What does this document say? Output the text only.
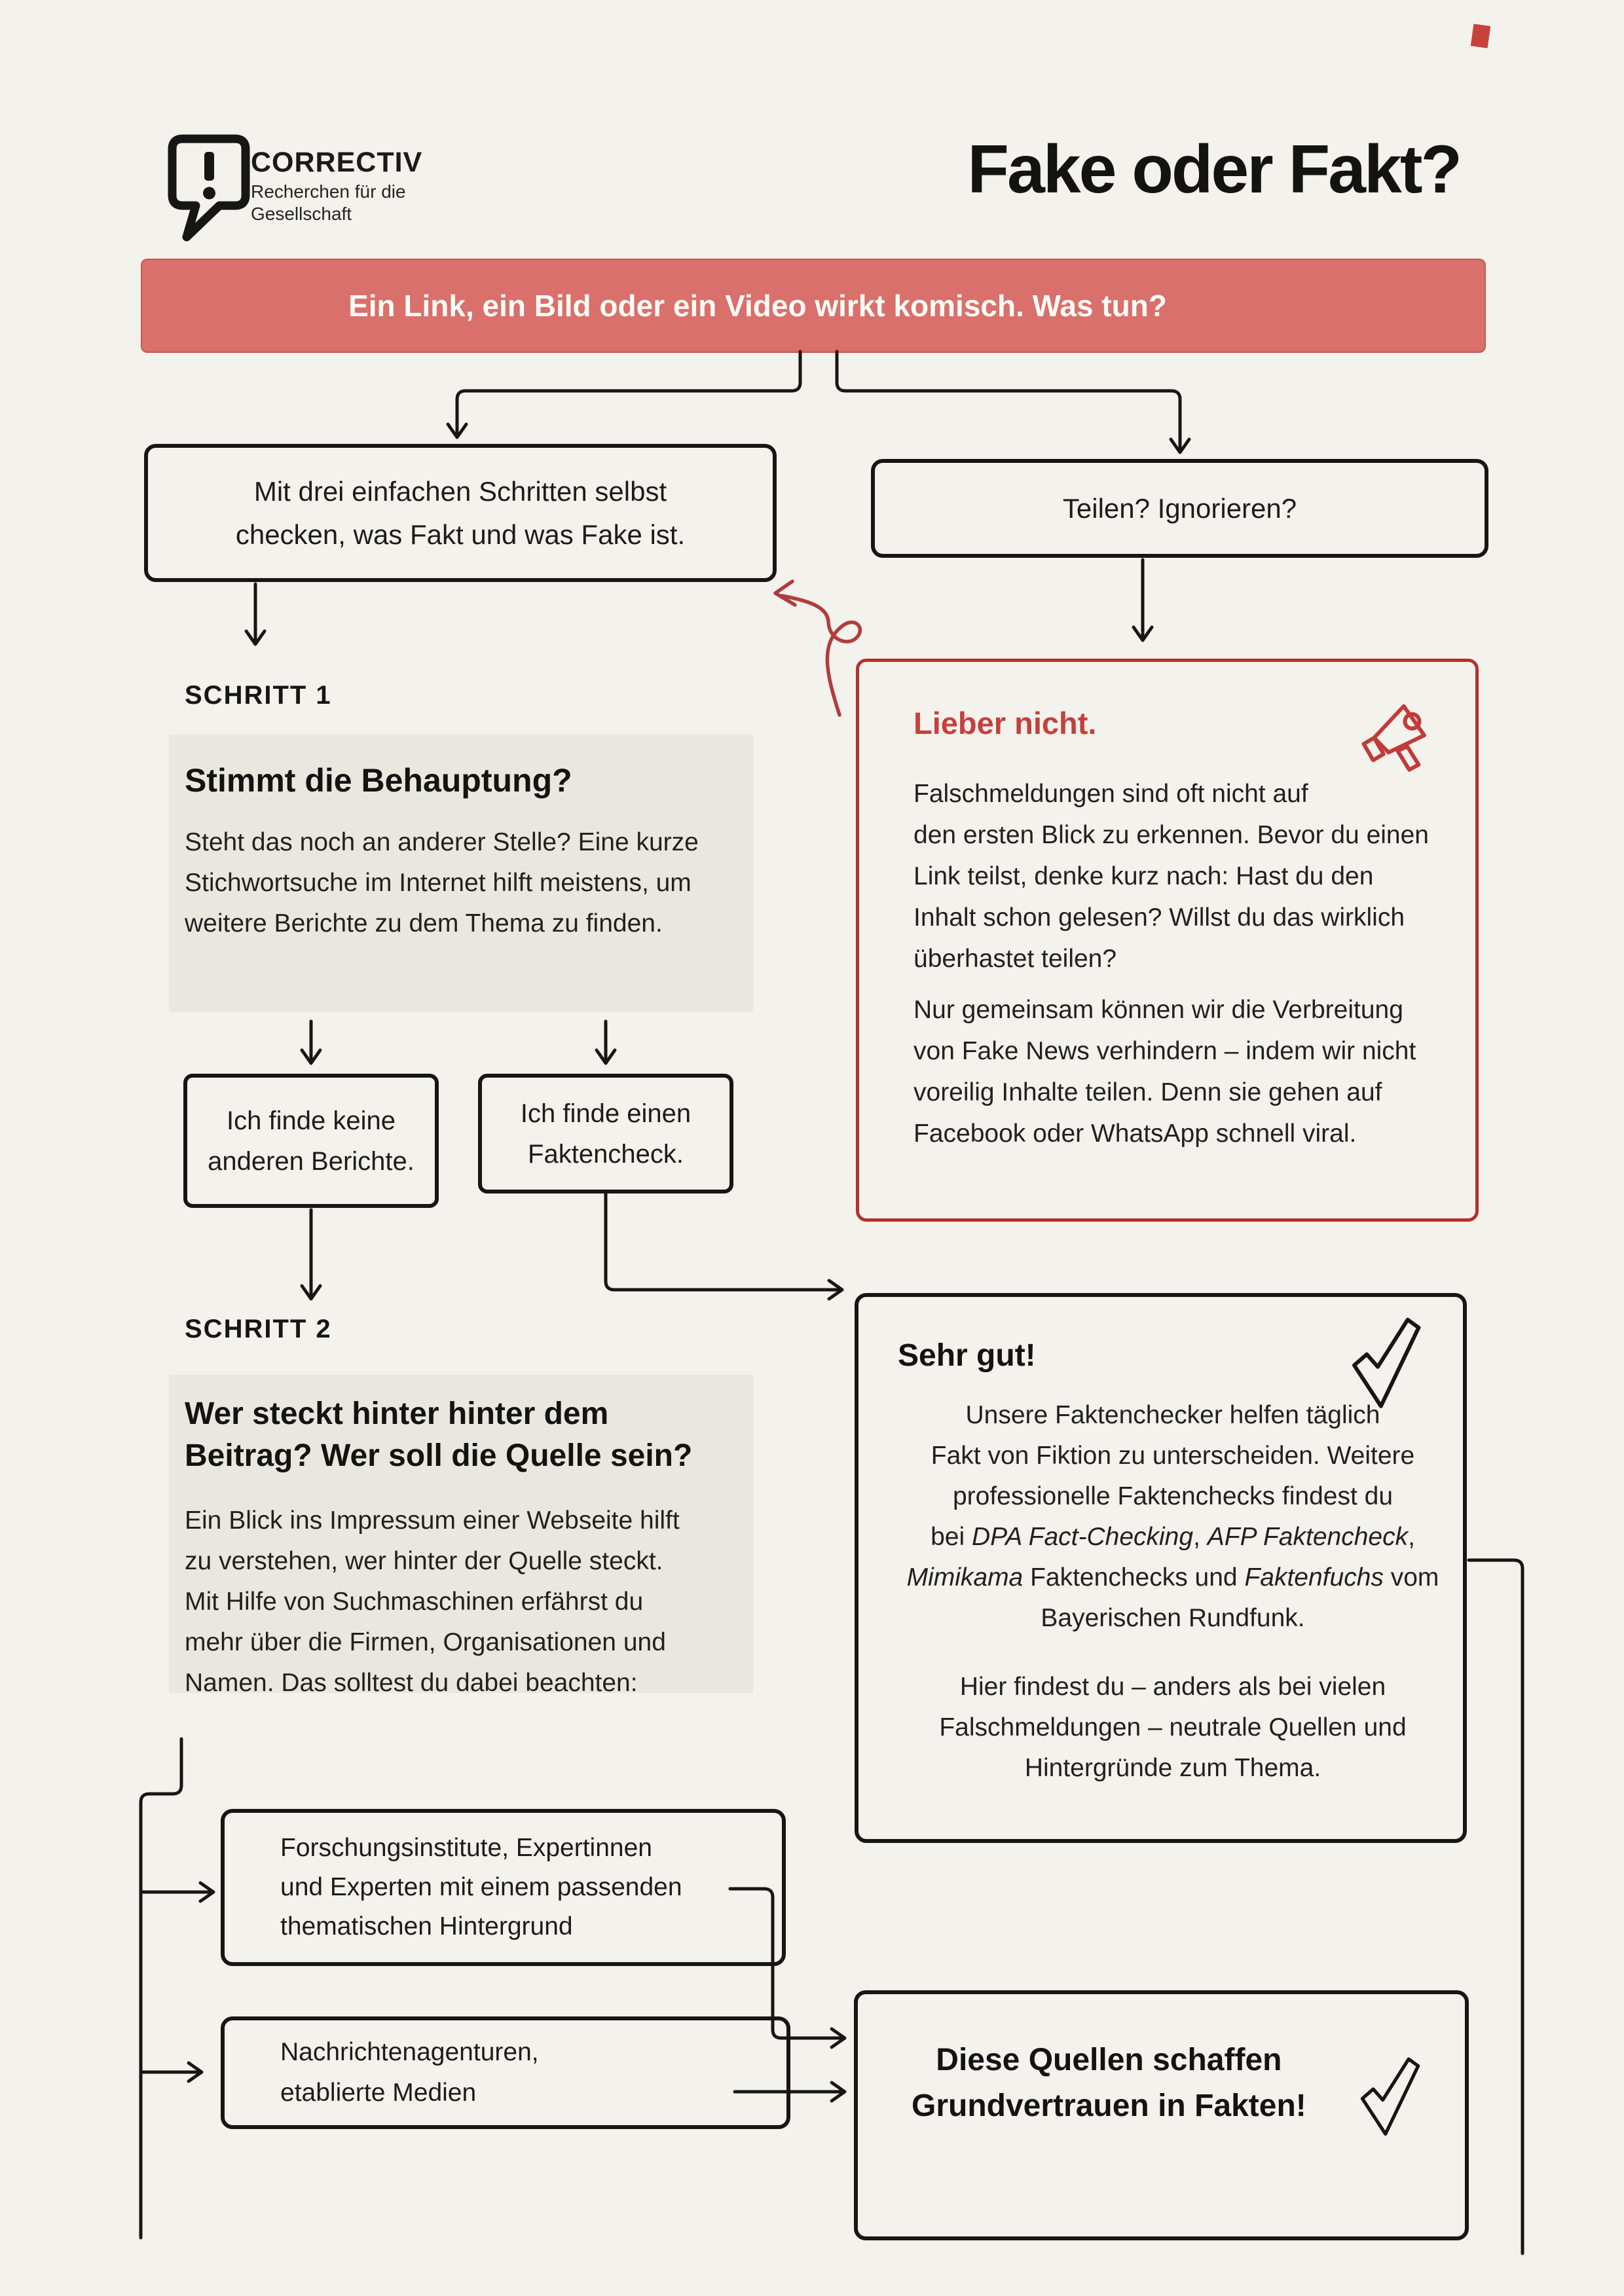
CORRECTIV
Recherchen für die
Gesellschaft
Fake oder Fakt?
Ein Link, ein Bild oder ein Video wirkt komisch. Was tun?
Mit drei einfachen Schritten selbst
checken, was Fakt und was Fake ist.
Teilen? Ignorieren?
SCHRITT 1
Stimmt die Behauptung?
Steht das noch an anderer Stelle? Eine kurze
Stichwortsuche im Internet hilft meistens, um
weitere Berichte zu dem Thema zu finden.
Lieber nicht.
Falschmeldungen sind oft nicht auf
den ersten Blick zu erkennen. Bevor du einen
Link teilst, denke kurz nach: Hast du den
Inhalt schon gelesen? Willst du das wirklich
überhastet teilen?
Nur gemeinsam können wir die Verbreitung
von Fake News verhindern – indem wir nicht
voreilig Inhalte teilen. Denn sie gehen auf
Facebook oder WhatsApp schnell viral.
Ich finde keine
anderen Berichte.
Ich finde einen
Faktencheck.
SCHRITT 2
Wer steckt hinter hinter dem
Beitrag? Wer soll die Quelle sein?
Ein Blick ins Impressum einer Webseite hilft
zu verstehen, wer hinter der Quelle steckt.
Mit Hilfe von Suchmaschinen erfährst du
mehr über die Firmen, Organisationen und
Namen. Das solltest du dabei beachten:
Sehr gut!
Unsere Faktenchecker helfen täglich
Fakt von Fiktion zu unterscheiden. Weitere
professionelle Faktenchecks findest du
bei DPA Fact-Checking, AFP Faktencheck,
Mimikama Faktenchecks und Faktenfuchs vom
Bayerischen Rundfunk.
Hier findest du – anders als bei vielen
Falschmeldungen – neutrale Quellen und
Hintergründe zum Thema.
Forschungsinstitute, Expertinnen
und Experten mit einem passenden
thematischen Hintergrund
Nachrichtenagenturen,
etablierte Medien
Diese Quellen schaffen
Grundvertrauen in Fakten!
